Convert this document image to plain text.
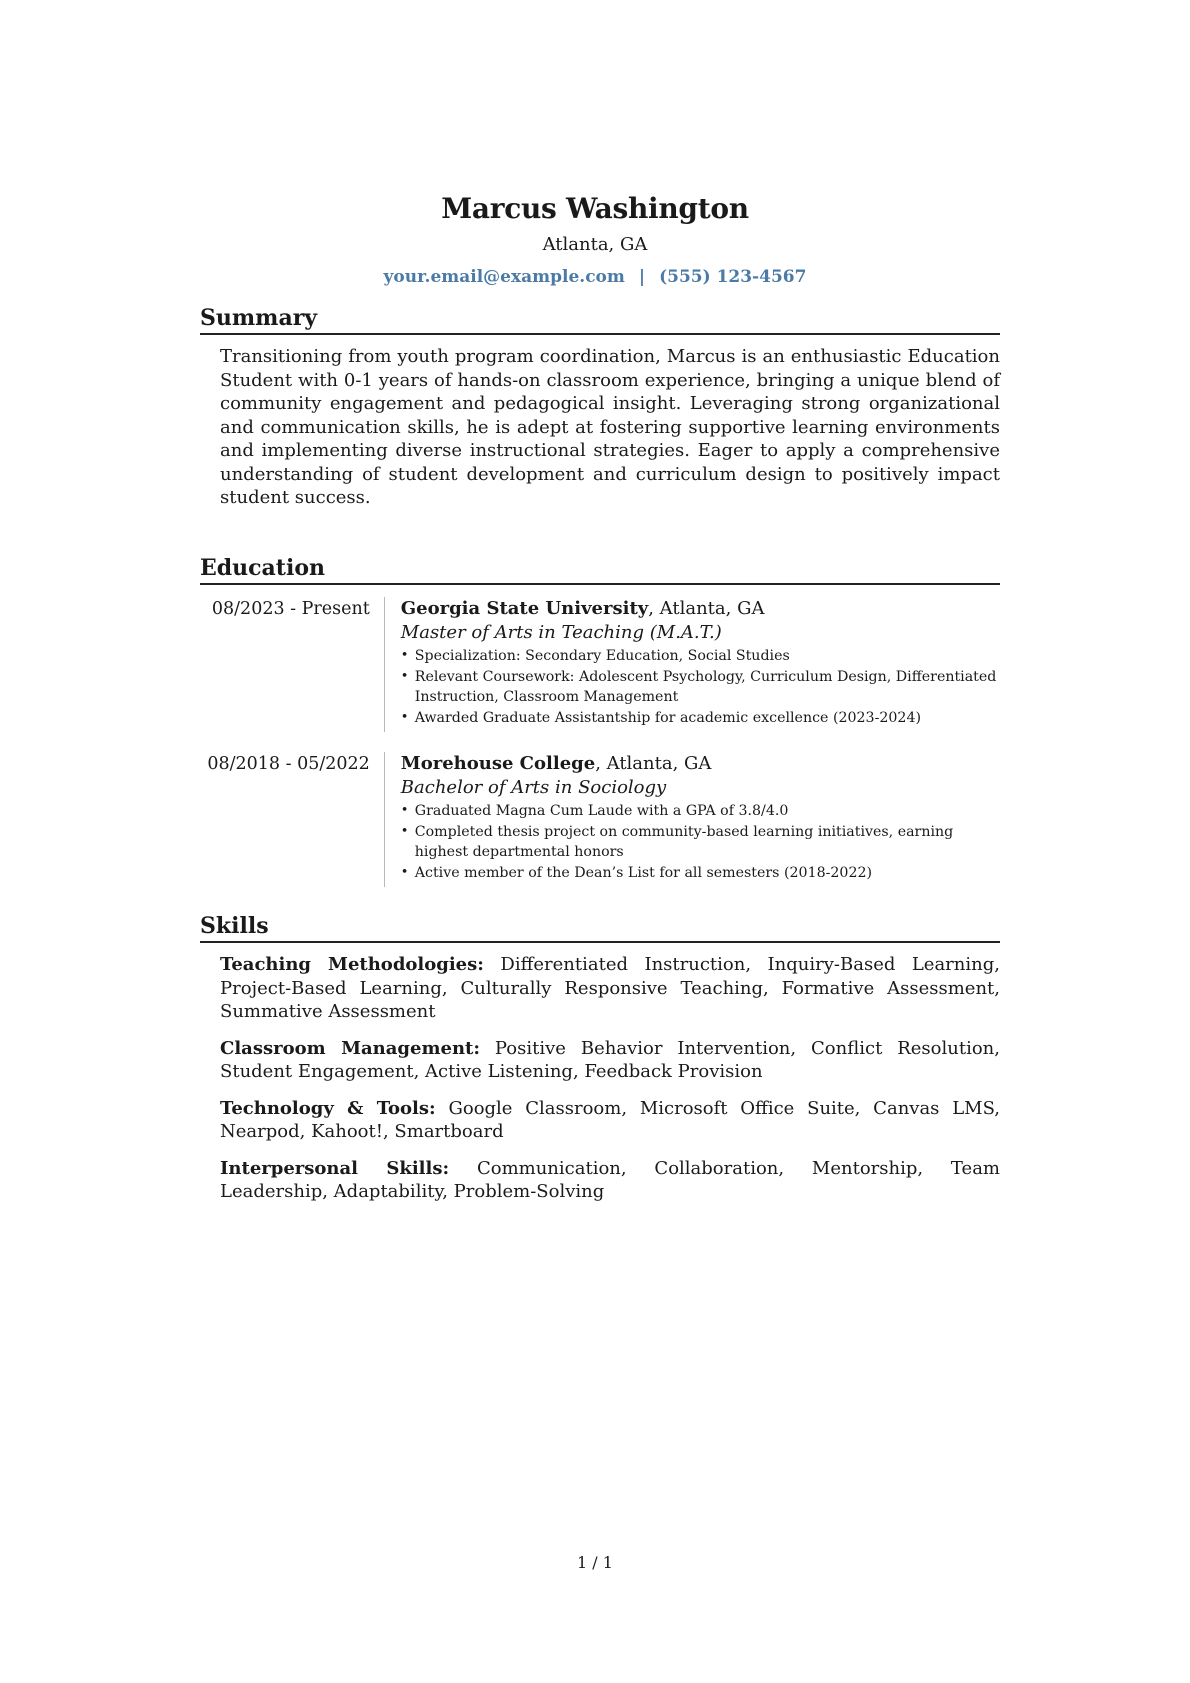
Marcus Washington
Atlanta, GA
your.email@example.com | (555) 123-4567
Summary

Transitioning from youth program coordination, Marcus is an enthusiastic Education Student with 0-1 years of hands-on classroom experience, bringing a unique blend of community engagement and pedagogical insight. Leveraging strong organizational and communication skills, he is adept at fostering supportive learning environments and implementing diverse instructional strategies. Eager to apply a comprehensive understanding of student development and curriculum design to positively impact student success.

Education
08/2023 - Present	Georgia State University, Atlanta, GA
Master of Arts in Teaching (M.A.T.)
• Specialization: Secondary Education, Social Studies
• Relevant Coursework: Adolescent Psychology, Curriculum Design, Differentiated Instruction, Classroom Management
• Awarded Graduate Assistantship for academic excellence (2023-2024)
08/2018 - 05/2022	Morehouse College, Atlanta, GA
Bachelor of Arts in Sociology
• Graduated Magna Cum Laude with a GPA of 3.8/4.0
• Completed thesis project on community-based learning initiatives, earning highest departmental honors
• Active member of the Dean’s List for all semesters (2018-2022)
Skills
Teaching Methodologies: Differentiated Instruction, Inquiry-Based Learning, Project-Based Learning, Culturally Responsive Teaching, Formative Assessment, Summative Assessment
Classroom Management: Positive Behavior Intervention, Conflict Resolution, Student Engagement, Active Listening, Feedback Provision
Technology & Tools: Google Classroom, Microsoft Office Suite, Canvas LMS, Nearpod, Kahoot!, Smartboard
Interpersonal Skills: Communication, Collaboration, Mentorship, Team Leadership, Adaptability, Problem-Solving
1 / 1
